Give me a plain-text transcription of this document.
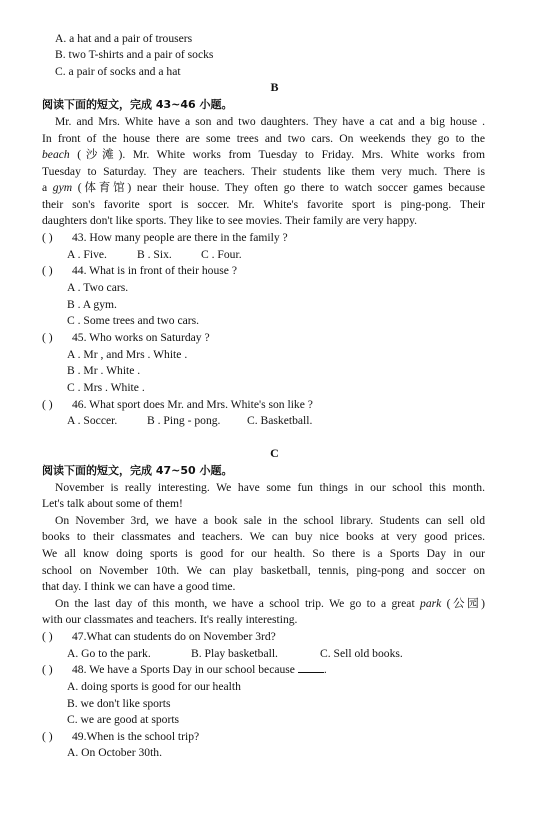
A. a hat and a pair of trousers
B. two T-shirts and a pair of socks
C. a pair of socks and a hat
B
阅读下面的短文，完成 43~46 小题。
Mr. and Mrs. White have a son and two daughters. They have a cat and a big house .
In front of the house there are some trees and two cars. On weekends they go to the
beach (沙滩). Mr. White works from Tuesday to Friday. Mrs. White works from
Tuesday to Saturday. They are teachers. Their students like them very much. There is
a gym (体育馆) near their house. They often go there to watch soccer games because
their son's favorite sport is soccer. Mr. White's favorite sport is ping-pong. Their
daughters don't like sports. They like to see movies. Their family are very happy.
( ) 43. How many people are there in the family ?
A . Five.	B . Six.	C . Four.
( ) 44. What is in front of their house ?
A . Two cars.
B . A gym.
C . Some trees and two cars.
( ) 45. Who works on Saturday ?
A . Mr , and Mrs . White .
B . Mr . White .
C . Mrs . White .
( ) 46. What sport does Mr. and Mrs. White's son like ?
A . Soccer.	B . Ping - pong. C. Basketball.
C
阅读下面的短文，完成 47~50 小题。
November is really interesting. We have some fun things in our school this month.
Let's talk about some of them!
On November 3rd, we have a book sale in the school library. Students can sell old
books to their classmates and teachers. We can buy nice books at very good prices.
We all know doing sports is good for our health. So there is a Sports Day in our
school on November 10th. We can play basketball, tennis, ping-pong and soccer on
that day. I think we can have a good time.
On the last day of this month, we have a school trip. We go to a great park (公园)
with our classmates and teachers. It's really interesting.
( ) 47.What can students do on November 3rd?
A. Go to the park.	B. Play basketball.	C. Sell old books.
( ) 48. We have a Sports Day in our school because .
A. doing sports is good for our health
B. we don't like sports
C. we are good at sports
( ) 49.When is the school trip?
A. On October 30th.
